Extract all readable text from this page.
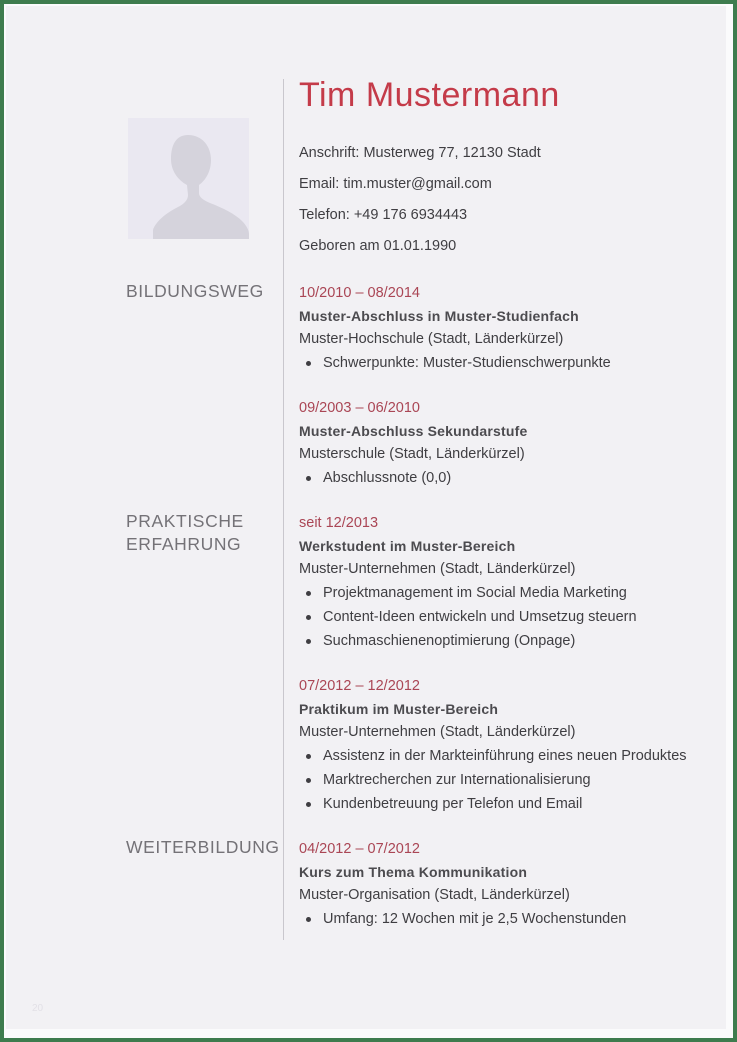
Tim Mustermann
Anschrift: Musterweg 77, 12130 Stadt
Email: tim.muster@gmail.com
Telefon: +49 176 6934443
Geboren am 01.01.1990
BILDUNGSWEG	10/2010 – 08/2014
Muster-Abschluss in Muster-Studienfach
Muster-Hochschule (Stadt, Länderkürzel)
Schwerpunkte: Muster-Studienschwerpunkte
09/2003 – 06/2010
Muster-Abschluss Sekundarstufe
Musterschule (Stadt, Länderkürzel)
Abschlussnote (0,0)
PRAKTISCHE ERFAHRUNG
seit 12/2013
Werkstudent im Muster-Bereich
Muster-Unternehmen (Stadt, Länderkürzel)
Projektmanagement im Social Media Marketing
Content-Ideen entwickeln und Umsetzug steuern
Suchmaschienenoptimierung (Onpage)
07/2012 – 12/2012
Praktikum im Muster-Bereich
Muster-Unternehmen (Stadt, Länderkürzel)
Assistenz in der Markteinführung eines neuen Produktes
Marktrecherchen zur Internationalisierung
Kundenbetreuung per Telefon und Email
WEITERBILDUNG	04/2012 – 07/2012
Kurs zum Thema Kommunikation
Muster-Organisation (Stadt, Länderkürzel)
Umfang: 12 Wochen mit je 2,5 Wochenstunden
20
